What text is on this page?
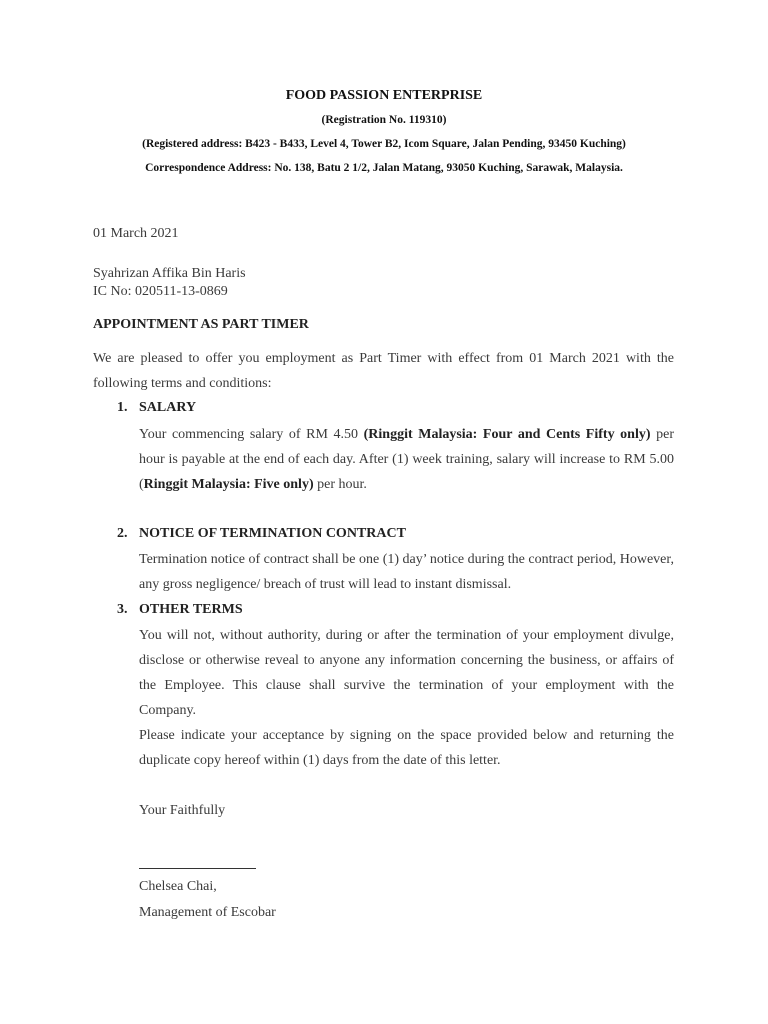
FOOD PASSION ENTERPRISE
(Registration No. 119310)
(Registered address: B423 - B433, Level 4, Tower B2, Icom Square, Jalan Pending, 93450 Kuching)
Correspondence Address: No. 138, Batu 2 1/2, Jalan Matang, 93050 Kuching, Sarawak, Malaysia.
01 March 2021
Syahrizan Affika Bin Haris
IC No: 020511-13-0869
APPOINTMENT AS PART TIMER
We are pleased to offer you employment as Part Timer with effect from 01 March 2021 with the following terms and conditions:
1. SALARY
Your commencing salary of RM 4.50 (Ringgit Malaysia: Four and Cents Fifty only) per hour is payable at the end of each day. After (1) week training, salary will increase to RM 5.00 (Ringgit Malaysia: Five only) per hour.
2. NOTICE OF TERMINATION CONTRACT
Termination notice of contract shall be one (1) day’ notice during the contract period, However, any gross negligence/ breach of trust will lead to instant dismissal.
3. OTHER TERMS
You will not, without authority, during or after the termination of your employment divulge, disclose or otherwise reveal to anyone any information concerning the business, or affairs of the Employee. This clause shall survive the termination of your employment with the Company.
Please indicate your acceptance by signing on the space provided below and returning the duplicate copy hereof within (1) days from the date of this letter.
Your Faithfully
Chelsea Chai,
Management of Escobar
